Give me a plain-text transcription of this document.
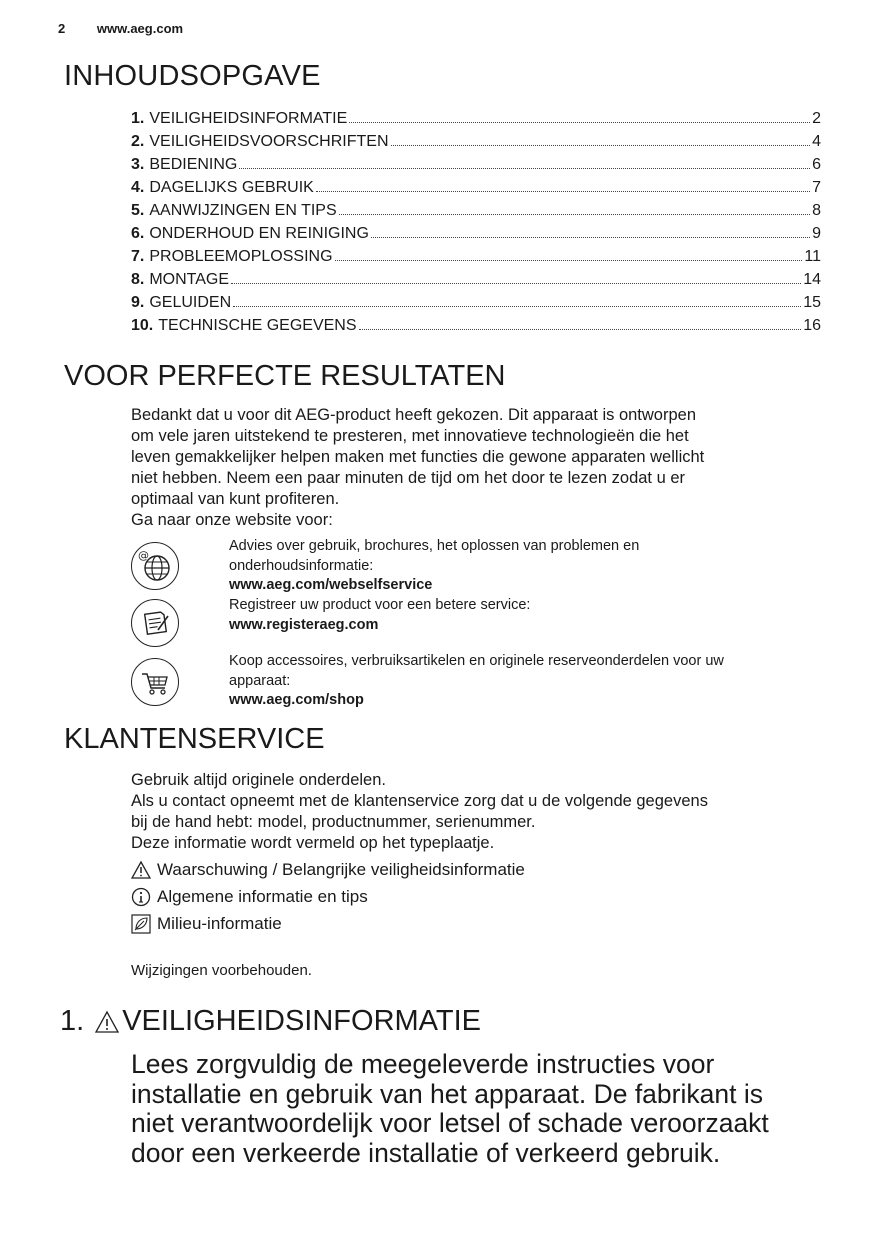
2 www.aeg.com
INHOUDSOPGAVE
1. VEILIGHEIDSINFORMATIE	2
2. VEILIGHEIDSVOORSCHRIFTEN	4
3. BEDIENING	6
4. DAGELIJKS GEBRUIK	7
5. AANWIJZINGEN EN TIPS	8
6. ONDERHOUD EN REINIGING	9
7. PROBLEEMOPLOSSING	11
8. MONTAGE	14
9. GELUIDEN	15
10. TECHNISCHE GEGEVENS	16
VOOR PERFECTE RESULTATEN
Bedankt dat u voor dit AEG-product heeft gekozen. Dit apparaat is ontworpen
om vele jaren uitstekend te presteren, met innovatieve technologieën die het
leven gemakkelijker helpen maken met functies die gewone apparaten wellicht
niet hebben. Neem een paar minuten de tijd om het door te lezen zodat u er
optimaal van kunt profiteren.
Ga naar onze website voor:
@
Advies over gebruik, brochures, het oplossen van problemen en
onderhoudsinformatie:
www.aeg.com/webselfservice
Registreer uw product voor een betere service:
www.registeraeg.com
Koop accessoires, verbruiksartikelen en originele reserveonderdelen voor uw
apparaat:
www.aeg.com/shop
KLANTENSERVICE
Gebruik altijd originele onderdelen.
Als u contact opneemt met de klantenservice zorg dat u de volgende gegevens
bij de hand hebt: model, productnummer, serienummer.
Deze informatie wordt vermeld op het typeplaatje.
Waarschuwing / Belangrijke veiligheidsinformatie
Algemene informatie en tips
Milieu-informatie
Wijzigingen voorbehouden.
1. VEILIGHEIDSINFORMATIE
Lees zorgvuldig de meegeleverde instructies voor
installatie en gebruik van het apparaat. De fabrikant is
niet verantwoordelijk voor letsel of schade veroorzaakt
door een verkeerde installatie of verkeerd gebruik.
